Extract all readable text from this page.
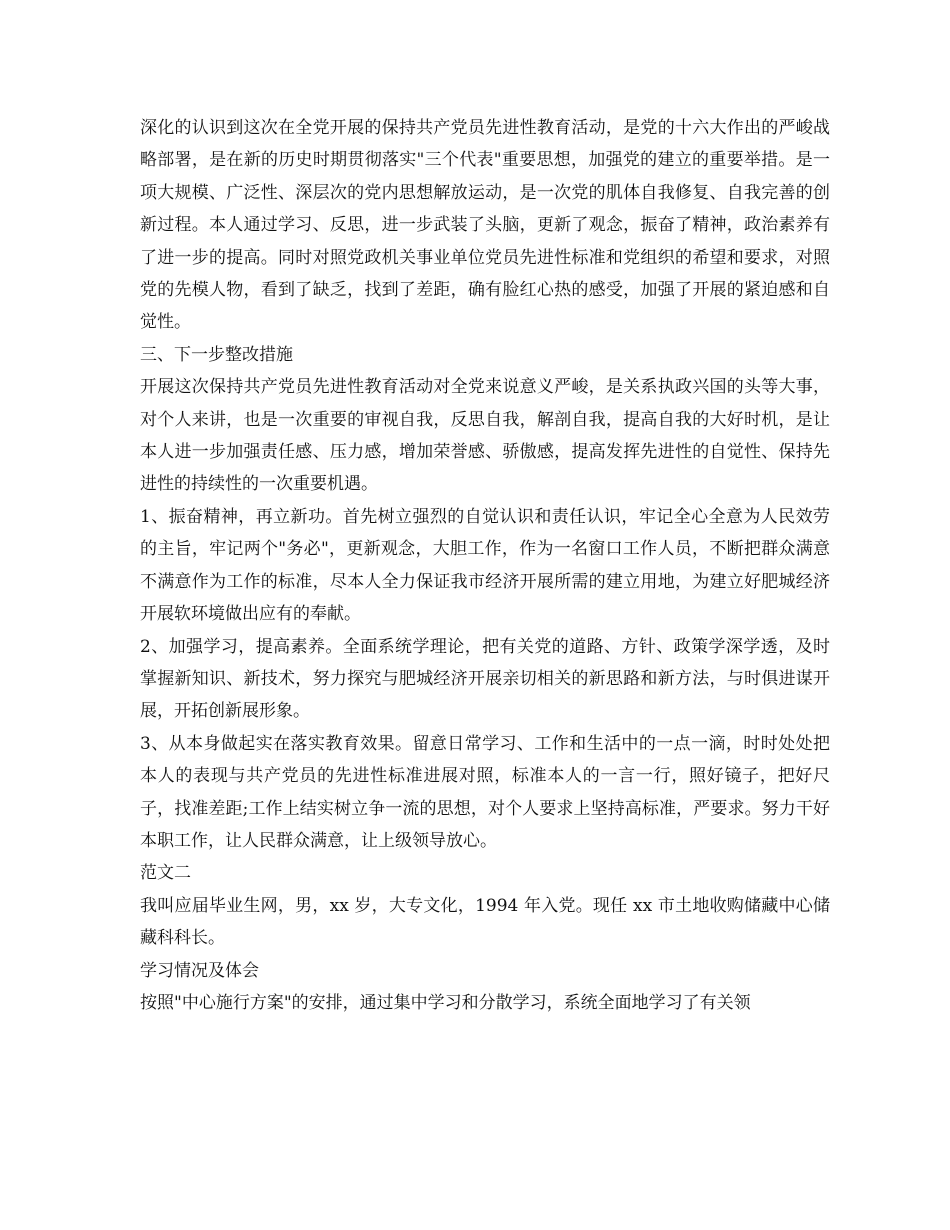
深化的认识到这次在全党开展的保持共产党员先进性教育活动，是党的十六大作出的严峻战略部署，是在新的历史时期贯彻落实"三个代表"重要思想，加强党的建立的重要举措。是一项大规模、广泛性、深层次的党内思想解放运动，是一次党的肌体自我修复、自我完善的创新过程。本人通过学习、反思，进一步武装了头脑，更新了观念，振奋了精神，政治素养有了进一步的提高。同时对照党政机关事业单位党员先进性标准和党组织的希望和要求，对照党的先模人物，看到了缺乏，找到了差距，确有脸红心热的感受，加强了开展的紧迫感和自觉性。

三、下一步整改措施

开展这次保持共产党员先进性教育活动对全党来说意义严峻，是关系执政兴国的头等大事，对个人来讲，也是一次重要的审视自我，反思自我，解剖自我，提高自我的大好时机，是让本人进一步加强责任感、压力感，增加荣誉感、骄傲感，提高发挥先进性的自觉性、保持先进性的持续性的一次重要机遇。

1、振奋精神，再立新功。首先树立强烈的自觉认识和责任认识，牢记全心全意为人民效劳的主旨，牢记两个"务必"，更新观念，大胆工作，作为一名窗口工作人员，不断把群众满意不满意作为工作的标准，尽本人全力保证我市经济开展所需的建立用地，为建立好肥城经济开展软环境做出应有的奉献。

2、加强学习，提高素养。全面系统学理论，把有关党的道路、方针、政策学深学透，及时掌握新知识、新技术，努力探究与肥城经济开展亲切相关的新思路和新方法，与时俱进谋开展，开拓创新展形象。

3、从本身做起实在落实教育效果。留意日常学习、工作和生活中的一点一滴，时时处处把本人的表现与共产党员的先进性标准进展对照，标准本人的一言一行，照好镜子，把好尺子，找准差距;工作上结实树立争一流的思想，对个人要求上坚持高标准，严要求。努力干好本职工作，让人民群众满意，让上级领导放心。

范文二

我叫应届毕业生网，男，xx 岁，大专文化，1994 年入党。现任 xx 市土地收购储藏中心储藏科科长。

学习情况及体会

按照"中心施行方案"的安排，通过集中学习和分散学习，系统全面地学习了有关领
